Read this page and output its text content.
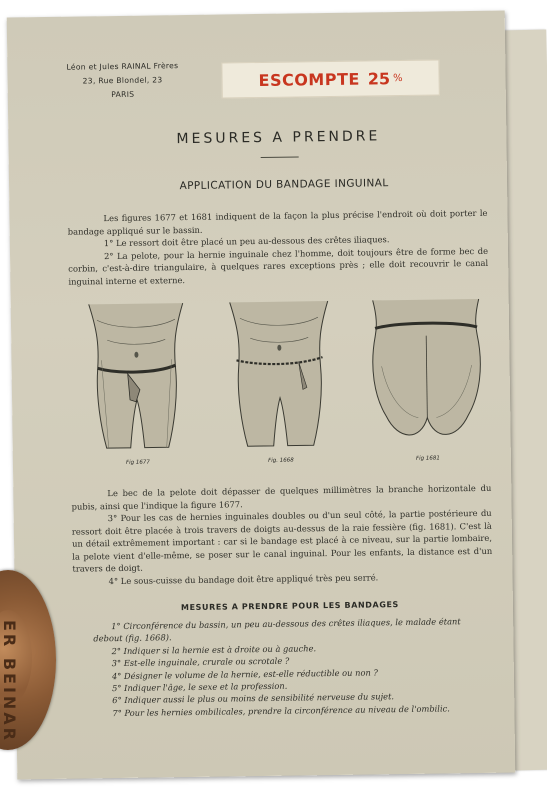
Léon et Jules RAINAL Frères
23, Rue Blondel, 23
PARIS
ESCOMPTE 25 %
MESURES A PRENDRE
APPLICATION DU BANDAGE INGUINAL
Les figures 1677 et 1681 indiquent de la façon la plus précise l'endroit où doit porter le bandage appliqué sur le bassin.
1° Le ressort doit être placé un peu au-dessous des crêtes iliaques.
2° La pelote, pour la hernie inguinale chez l'homme, doit toujours être de forme bec de corbin, c'est-à-dire triangulaire, à quelques rares exceptions près ; elle doit recouvrir le canal inguinal interne et externe.
Fig 1677	Fig. 1668	Fig 1681
Le bec de la pelote doit dépasser de quelques millimètres la branche horizontale du pubis, ainsi que l'indique la figure 1677.
3° Pour les cas de hernies inguinales doubles ou d'un seul côté, la partie postérieure du ressort doit être placée à trois travers de doigts au-dessus de la raie fessière (fig. 1681). C'est là un détail extrêmement important : car si le bandage est placé à ce niveau, sur la partie lombaire, la pelote vient d'elle-même, se poser sur le canal inguinal. Pour les enfants, la distance est d'un travers de doigt.
4° Le sous-cuisse du bandage doit être appliqué très peu serré.
MESURES A PRENDRE POUR LES BANDAGES
1° Circonférence du bassin, un peu au-dessous des crêtes iliaques, le malade étant debout (fig. 1668).
2° Indiquer si la hernie est à droite ou à gauche.
3° Est-elle inguinale, crurale ou scrotale ?
4° Désigner le volume de la hernie, est-elle réductible ou non ?
5° Indiquer l'âge, le sexe et la profession.
6° Indiquer aussi le plus ou moins de sensibilité nerveuse du sujet.
7° Pour les hernies ombilicales, prendre la circonférence au niveau de l'ombilic.
ER BEINAR
